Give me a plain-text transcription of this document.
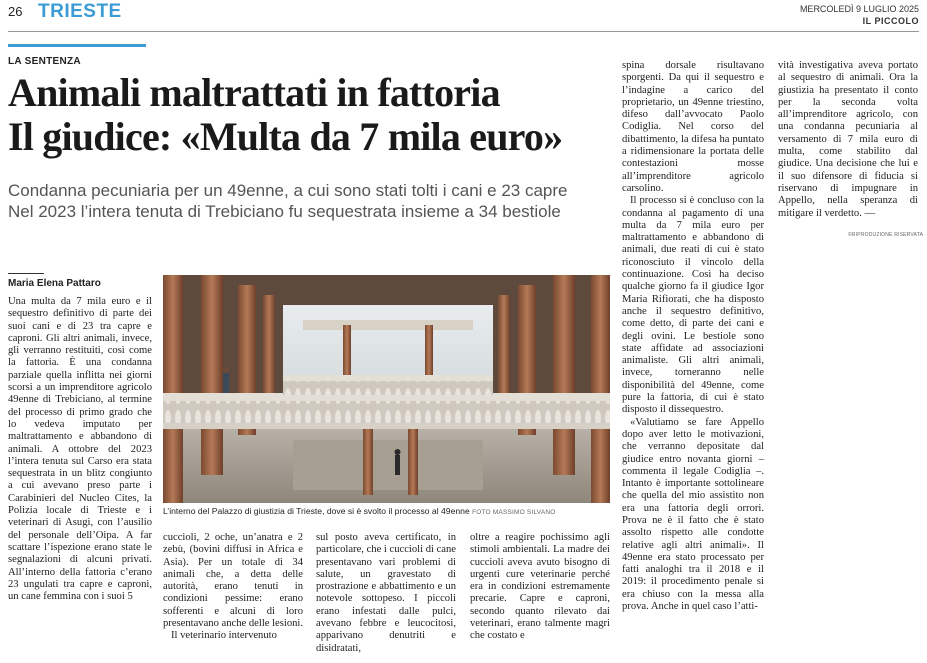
26 TRIESTE	MERCOLEDÌ 9 LUGLIO 2025
IL PICCOLO
LA SENTENZA
Animali maltrattati in fattoria
Il giudice: «Multa da 7 mila euro»
Condanna pecuniaria per un 49enne, a cui sono stati tolti i cani e 23 capre
Nel 2023 l’intera tenuta di Trebiciano fu sequestrata insieme a 34 bestiole
Maria Elena Pattaro

Una multa da 7 mila euro e il sequestro definitivo di parte dei suoi cani e di 23 tra capre e caproni. Gli altri animali, invece, gli verranno restituiti, così come la fattoria. È una condanna parziale quella inflitta nei giorni scorsi a un imprenditore agricolo 49enne di Trebiciano, al termine del processo di primo grado che lo vedeva imputato per maltrattamento e abbandono di animali. A ottobre del 2023 l’intera tenuta sul Carso era stata sequestrata in un blitz congiunto a cui avevano preso parte i Carabinieri del Nucleo Cites, la Polizia locale di Trieste e i veterinari di Asugi, con l’ausilio del personale dell’Oipa. A far scattare l’ispezione erano state le segnalazioni di alcuni privati. All’interno della fattoria c’erano 23 ungulati tra capre e caproni, un cane femmina con i suoi 5

L’interno del Palazzo di giustizia di Trieste, dove si è svolto il processo al 49enne FOTO MASSIMO SILVANO

cuccioli, 2 oche, un’anatra e 2 zebù, (bovini diffusi in Africa e Asia). Per un totale di 34 animali che, a detta delle autorità, erano tenuti in condizioni pessime: erano sofferenti e alcuni di loro presentavano anche delle lesioni.

Il veterinario intervenuto

sul posto aveva certificato, in particolare, che i cuccioli di cane presentavano vari problemi di salute, un gravestato di prostrazione e abbattimento e un notevole sottopeso. I piccoli erano infestati dalle pulci, avevano febbre e leucocitosi, apparivano denutriti e disidratati,

oltre a reagire pochissimo agli stimoli ambientali. La madre dei cuccioli aveva avuto bisogno di urgenti cure veterinarie perché era in condizioni estremamente precarie. Capre e caproni, secondo quanto rilevato dai veterinari, erano talmente magri che costato e

spina dorsale risultavano sporgenti. Da qui il sequestro e l’indagine a carico del proprietario, un 49enne triestino, difeso dall’avvocato Paolo Codiglia. Nel corso del dibattimento, la difesa ha puntato a ridimensionare la portata delle contestazioni mosse all’imprenditore agricolo carsolino.

Il processo si è concluso con la condanna al pagamento di una multa da 7 mila euro per maltrattamento e abbandono di animali, due reati di cui è stato riconosciuto il vincolo della continuazione. Così ha deciso qualche giorno fa il giudice Igor Maria Rifiorati, che ha disposto anche il sequestro definitivo, come detto, di parte dei cani e degli ovini. Le bestiole sono state affidate ad associazioni animaliste. Gli altri animali, invece, torneranno nelle disponibilità del 49enne, come pure la fattoria, di cui è stato disposto il dissequestro.

«Valutiamo se fare Appello dopo aver letto le motivazioni, che verranno depositate dal giudice entro novanta giorni – commenta il legale Codiglia –. Intanto è importante sottolineare che quella del mio assistito non era una fattoria degli orrori. Prova ne è il fatto che è stato assolto rispetto alle condotte relative agli altri animali». Il 49enne era stato processato per fatti analoghi tra il 2018 e il 2019: il procedimento penale si era chiuso con la messa alla prova. Anche in quel caso l’atti-

vità investigativa aveva portato al sequestro di animali. Ora la giustizia ha presentato il conto per la seconda volta all’imprenditore agricolo, con una condanna pecuniaria al versamento di 7 mila euro di multa, come stabilito dal giudice. Una decisione che lui e il suo difensore di fiducia si riservano di impugnare in Appello, nella speranza di mitigare il verdetto. —

©RIPRODUZIONE RISERVATA
